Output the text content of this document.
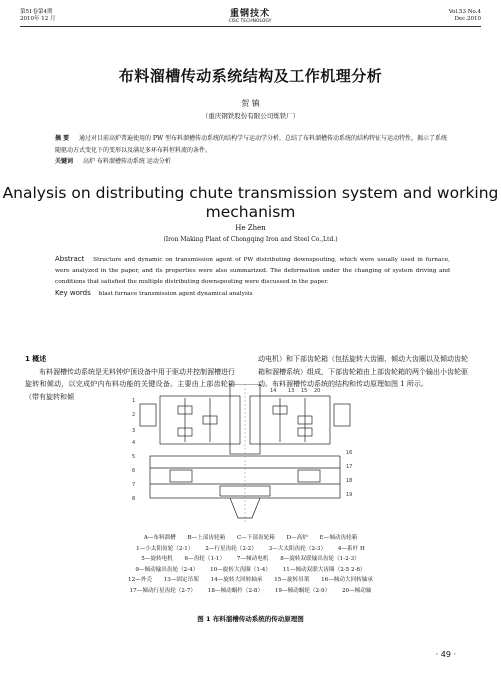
第51卷第4期
2010年 12 月	重钢技术
CISC TECHNOLOGY
Vol.53 No.4
Dec.2010
布料溜槽传动系统结构及工作机理分析
贺 镇
（重庆钢铁股份有限公司炼铁厂）
摘 要 通过对目前高炉普遍使用的 PW 型布料溜槽传动系统的结构学与运动学分析，总结了布料溜槽传动系统的结构特征与运动特性，揭示了系统随驱动方式变化下的变形以及满足多环布料恒料流的条件。
关键词 高炉 布料溜槽传动系统 运动分析
Analysis on distributing chute transmission system and working mechanism
He Zhen
(Iron Making Plant of Chongqing Iron and Steel Co.,Ltd.)
Abstract Structure and dynamic on transmission agent of PW distributing downspouting, which were usually used in furnace, were analyzed in the paper, and its properties were also summarized. The deformation under the changing of system driving and conditions that satisfied the multiple distributing downspouting were discussed in the paper.
Key words blast furnace transmission agent dynamical analysis
1 概述
布料溜槽传动系统是无料钟炉顶设备中用于驱动并控制溜槽进行旋转和倾动，以完成炉内布料功能的关键设备。主要由上部齿轮箱（带有旋转和倾
动电机）和下部齿轮箱（包括旋转大齿圈、倾动大齿圈以及倾动齿轮箱和溜槽系统）组成，下部齿轮箱由上部齿轮箱的两个输出小齿轮驱动。布料溜槽传动系统的结构和传动原理如图 1 所示。
14 13 15 20
1
2
3
4
5
6
7
8
16
17
18
19
A—布料溜槽 B—上部齿轮箱 C—下部齿轮箱 D—高炉 E—倾动齿轮箱
1—小太阳齿轮（2-1） 2—行星齿轮（2-2） 3—大太阳齿轮（2-3） 4—系杆 H
5—旋转电机 6—齿轮（1-1） 7—倾动电机 8—旋转双联输出齿轮（1-2-3）
9—倾动输出齿轮（2-4） 10—旋转大齿圈（1-4） 11—倾动双联大齿圈（2-5 2-6）
12—外壳 13—固定吊架 14—旋转大回转轴承 15—旋转吊架 16—倾动大回转轴承
17—倾动行星齿轮（2-7） 18—倾动蜗杆（2-8） 19—倾动蜗轮（2-9） 20—倾动轴
图 1 布料溜槽传动系统的传动原理图
· 49 ·
